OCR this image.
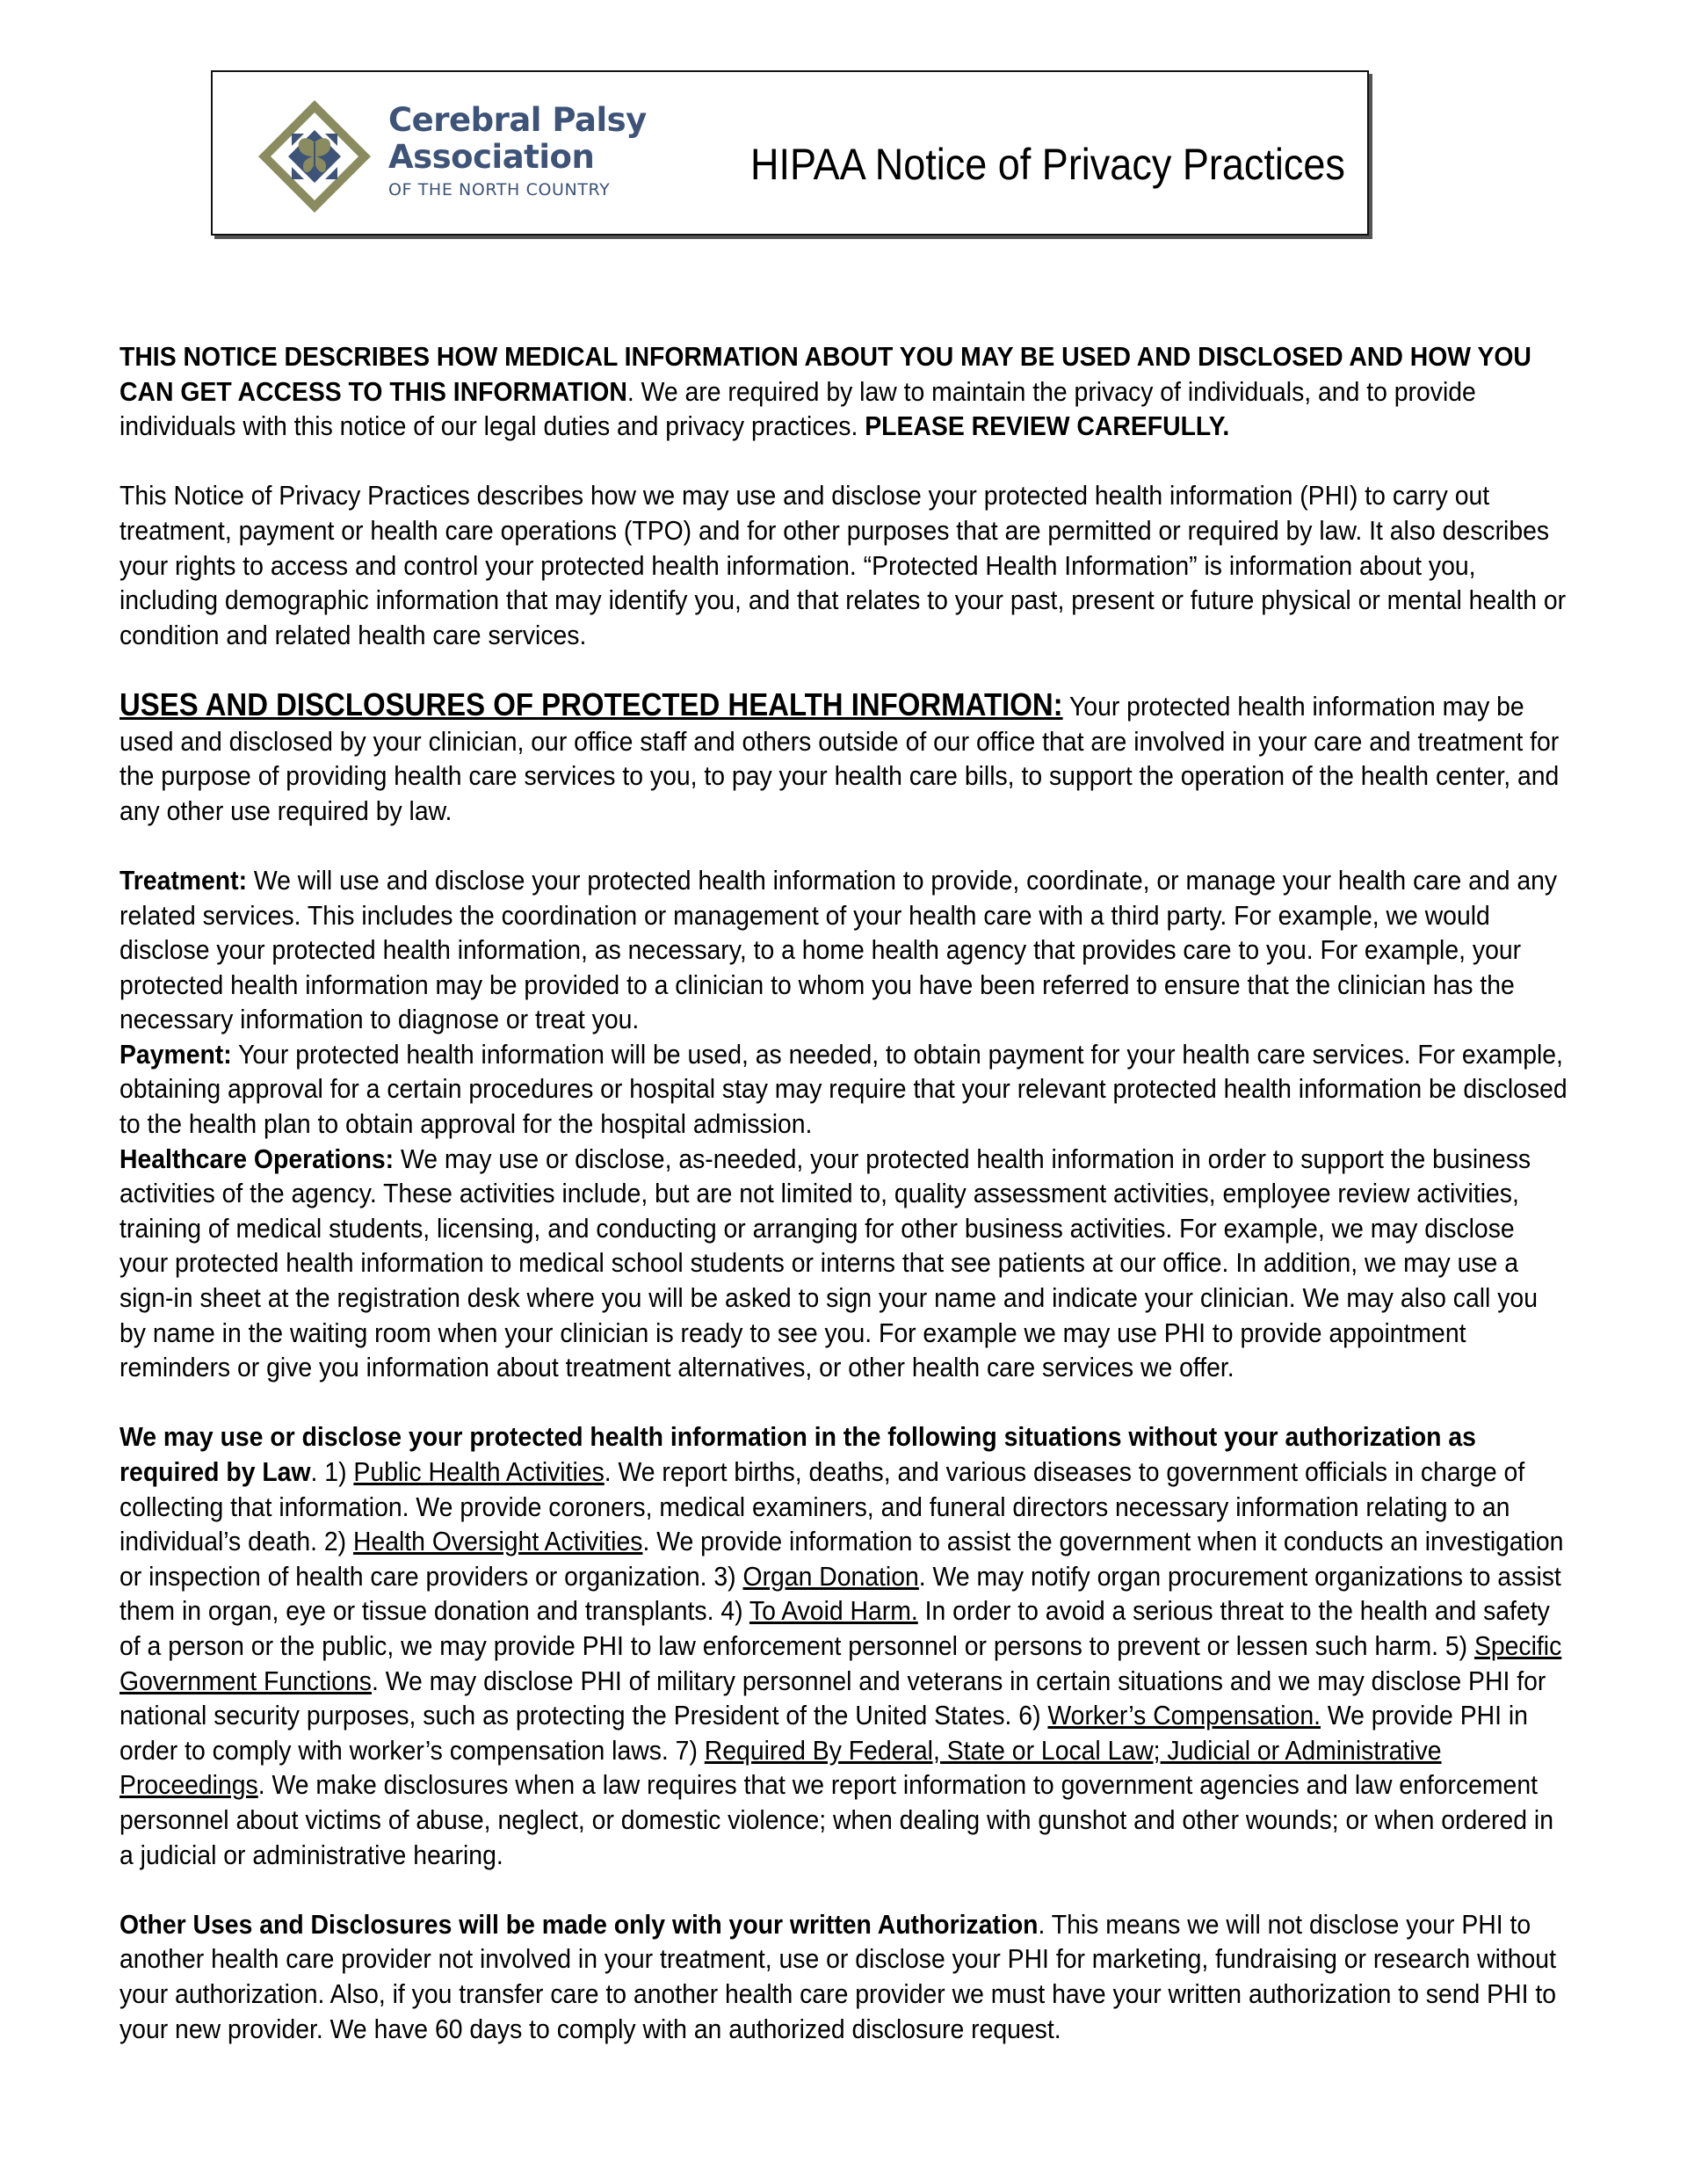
Cerebral Palsy
Association
OF THE NORTH COUNTRY
HIPAA Notice of Privacy Practices

THIS NOTICE DESCRIBES HOW MEDICAL INFORMATION ABOUT YOU MAY BE USED AND DISCLOSED AND HOW YOU CAN GET ACCESS TO THIS INFORMATION. We are required by law to maintain the privacy of individuals, and to provide individuals with this notice of our legal duties and privacy practices. PLEASE REVIEW CAREFULLY.

This Notice of Privacy Practices describes how we may use and disclose your protected health information (PHI) to carry out treatment, payment or health care operations (TPO) and for other purposes that are permitted or required by law. It also describes your rights to access and control your protected health information. “Protected Health Information” is information about you, including demographic information that may identify you, and that relates to your past, present or future physical or mental health or condition and related health care services.

USES AND DISCLOSURES OF PROTECTED HEALTH INFORMATION: Your protected health information may be used and disclosed by your clinician, our office staff and others outside of our office that are involved in your care and treatment for the purpose of providing health care services to you, to pay your health care bills, to support the operation of the health center, and any other use required by law.

Treatment: We will use and disclose your protected health information to provide, coordinate, or manage your health care and any related services. This includes the coordination or management of your health care with a third party. For example, we would disclose your protected health information, as necessary, to a home health agency that provides care to you. For example, your protected health information may be provided to a clinician to whom you have been referred to ensure that the clinician has the necessary information to diagnose or treat you.

Payment: Your protected health information will be used, as needed, to obtain payment for your health care services. For example, obtaining approval for a certain procedures or hospital stay may require that your relevant protected health information be disclosed to the health plan to obtain approval for the hospital admission.

Healthcare Operations: We may use or disclose, as-needed, your protected health information in order to support the business activities of the agency. These activities include, but are not limited to, quality assessment activities, employee review activities, training of medical students, licensing, and conducting or arranging for other business activities. For example, we may disclose your protected health information to medical school students or interns that see patients at our office. In addition, we may use a sign-in sheet at the registration desk where you will be asked to sign your name and indicate your clinician. We may also call you by name in the waiting room when your clinician is ready to see you. For example we may use PHI to provide appointment reminders or give you information about treatment alternatives, or other health care services we offer.

We may use or disclose your protected health information in the following situations without your authorization as required by Law. 1) Public Health Activities. We report births, deaths, and various diseases to government officials in charge of collecting that information. We provide coroners, medical examiners, and funeral directors necessary information relating to an individual’s death. 2) Health Oversight Activities. We provide information to assist the government when it conducts an investigation or inspection of health care providers or organization. 3) Organ Donation. We may notify organ procurement organizations to assist them in organ, eye or tissue donation and transplants. 4) To Avoid Harm. In order to avoid a serious threat to the health and safety of a person or the public, we may provide PHI to law enforcement personnel or persons to prevent or lessen such harm. 5) Specific Government Functions. We may disclose PHI of military personnel and veterans in certain situations and we may disclose PHI for national security purposes, such as protecting the President of the United States. 6) Worker’s Compensation. We provide PHI in order to comply with worker’s compensation laws. 7) Required By Federal, State or Local Law; Judicial or Administrative Proceedings. We make disclosures when a law requires that we report information to government agencies and law enforcement personnel about victims of abuse, neglect, or domestic violence; when dealing with gunshot and other wounds; or when ordered in a judicial or administrative hearing.

Other Uses and Disclosures will be made only with your written Authorization. This means we will not disclose your PHI to another health care provider not involved in your treatment, use or disclose your PHI for marketing, fundraising or research without your authorization. Also, if you transfer care to another health care provider we must have your written authorization to send PHI to your new provider. We have 60 days to comply with an authorized disclosure request.
